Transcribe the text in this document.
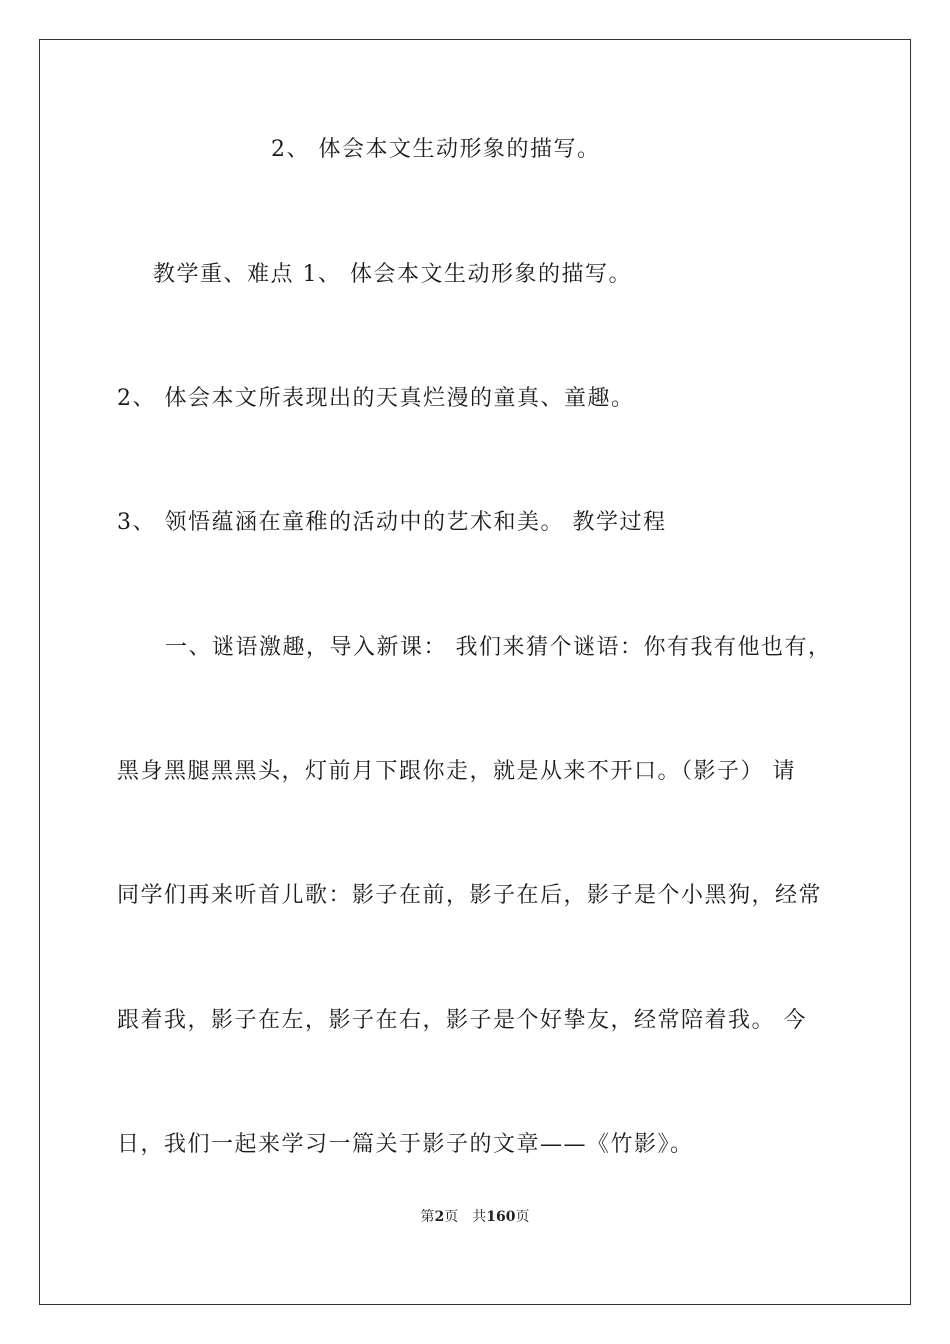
2、 体会本文生动形象的描写。
教学重、难点 1、 体会本文生动形象的描写。
2、 体会本文所表现出的天真烂漫的童真、童趣。
3、 领悟蕴涵在童稚的活动中的艺术和美。 教学过程
一、谜语激趣，导入新课： 我们来猜个谜语：你有我有他也有，
黑身黑腿黑黑头，灯前月下跟你走，就是从来不开口。（影子） 请
同学们再来听首儿歌：影子在前，影子在后，影子是个小黑狗，经常
跟着我，影子在左，影子在右，影子是个好挚友，经常陪着我。 今
日，我们一起来学习一篇关于影子的文章——《竹影》。
第2页 共160页
